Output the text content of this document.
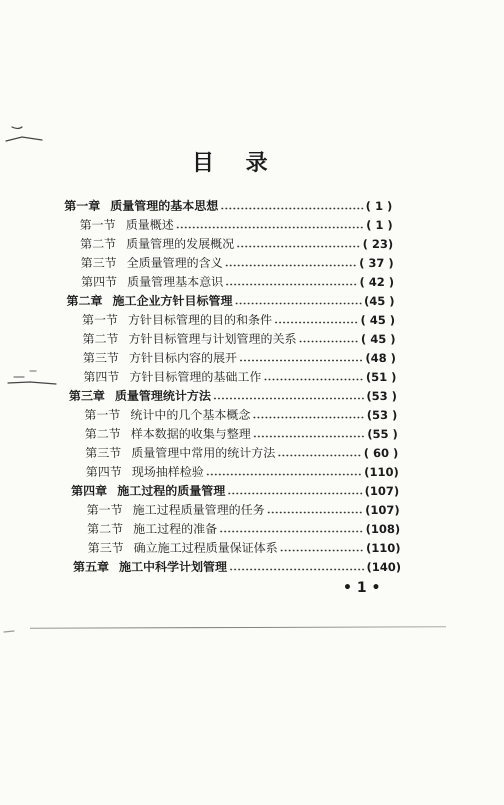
目 录
第一章 质量管理的基本思想	( 1 )
第一节 质量概述	( 1 )
第二节 质量管理的发展概况	( 23)
第三节 全质量管理的含义	( 37 )
第四节 质量管理基本意识	( 42 )
第二章 施工企业方针目标管理	(45 )
第一节 方针目标管理的目的和条件	( 45 )
第二节 方针目标管理与计划管理的关系	( 45 )
第三节 方针目标内容的展开	(48 )
第四节 方针目标管理的基础工作	(51 )
第三章 质量管理统计方法	(53 )
第一节 统计中的几个基本概念	(53 )
第二节 样本数据的收集与整理	(55 )
第三节 质量管理中常用的统计方法	( 60 )
第四节 现场抽样检验	(110)
第四章 施工过程的质量管理	(107)
第一节 施工过程质量管理的任务	(107)
第二节 施工过程的准备	(108)
第三节 确立施工过程质量保证体系	(110)
第五章 施工中科学计划管理	(140)
• 1 •
